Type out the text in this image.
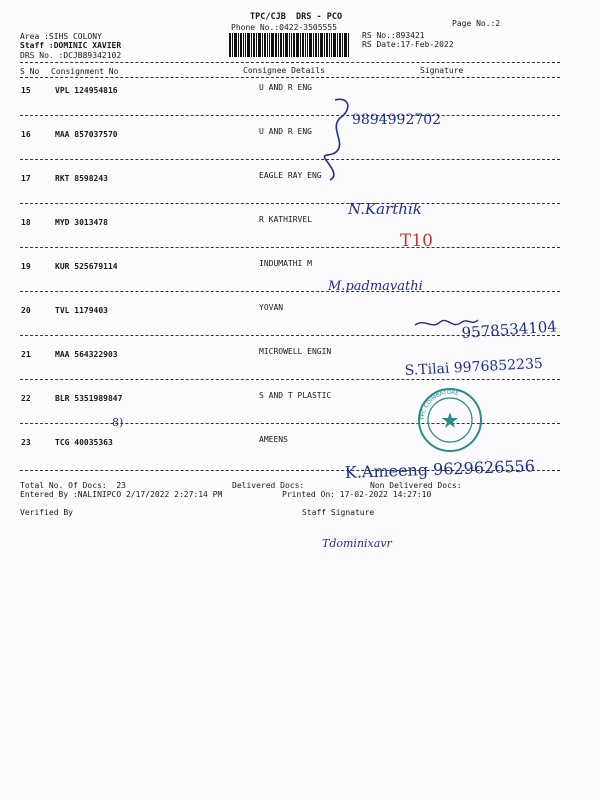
TPC/CJB  DRS - PCO
Phone No.:0422-3505555	Page No.:2
Area :SIHS COLONY
Staff :DOMINIC XAVIER
DRS No. :DCJB89342102
RS No.:893421
RS Date:17-Feb-2022
S No Consignment No	Consignee Details	Signature
15	VPL 124954816	U AND R ENG
16	MAA 857037570	U AND R ENG
17	RKT 8598243	EAGLE RAY ENG
18	MYD 3013478	R KATHIRVEL
19	KUR 525679114	INDUMATHI M
20	TVL 1179403	YOVAN
21	MAA 564322903	MICROWELL ENGIN
22	BLR 5351989847	S AND T PLASTIC
23	TCG 40035363	AMEENS
Total No. Of Docs:  23	Delivered Docs:	Non Delivered Docs:
Entered By :NALINIPCO 2/17/2022 2:27:14 PM	Printed On: 17-02-2022 14:27:10
Verified By	Staff Signature
9894992702
N.Karthik
T10
M.padmavathi
9578534104
S.Tilai 9976852235
TPC COIMBATORE
8)
K.Ameeng 9629626556
Tdominixavr
